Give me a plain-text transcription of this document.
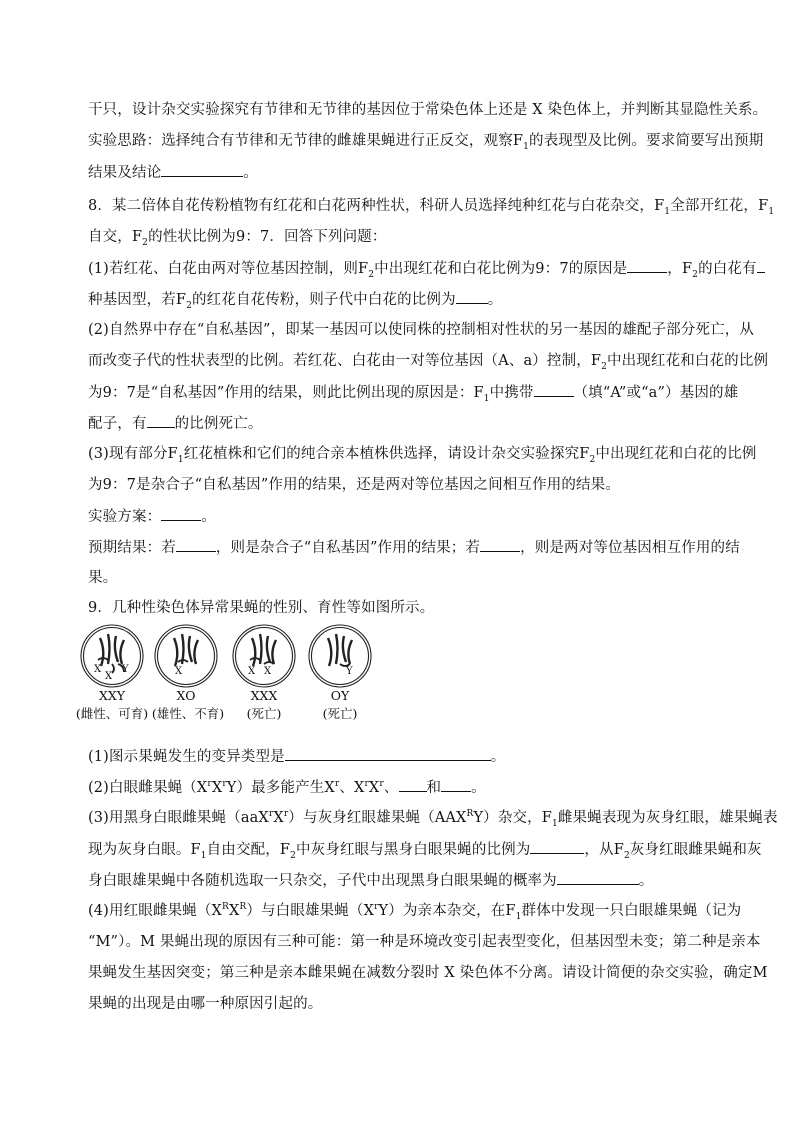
干只，设计杂交实验探究有节律和无节律的基因位于常染色体上还是 X 染色体上，并判断其显隐性关系。
实验思路：选择纯合有节律和无节律的雌雄果蝇进行正反交，观察$F_1$的表现型及比例。要求简要写出预期
结果及结论	。
8．某二倍体自花传粉植物有红花和白花两种性状，科研人员选择纯种红花与白花杂交，$F_1$全部开红花，$F_1$
自交，$F_2$的性状比例为9：7．回答下列问题：
(1)若红花、白花由两对等位基因控制，则$F_2$中出现红花和白花比例为9：7的原因是	，$F_2$的白花有
种基因型，若$F_2$的红花自花传粉，则子代中白花的比例为 。
(2)自然界中存在“自私基因”，即某一基因可以使同株的控制相对性状的另一基因的雄配子部分死亡，从
而改变子代的性状表型的比例。若红花、白花由一对等位基因（A、a）控制，$F_2$中出现红花和白花的比例
为9：7是“自私基因”作用的结果，则此比例出现的原因是：$F_1$中携带	（填“A”或“a”）基因的雄
配子，有 的比例死亡。
(3)现有部分$F_1$红花植株和它们的纯合亲本植株供选择，请设计杂交实验探究$F_2$中出现红花和白花的比例
为9：7是杂合子“自私基因”作用的结果，还是两对等位基因之间相互作用的结果。
实验方案：	。
预期结果：若	，则是杂合子“自私基因”作用的结果；若	，则是两对等位基因相互作用的结
果。
9．几种性染色体异常果蝇的性别、育性等如图所示。
X
X
Y	X	X X	Y
XXY
(雌性、可育)
XO
(雄性、不育)
XXX
(死亡)
OY
(死亡)
(1)图示果蝇发生的变异类型是	。
(2)白眼雌果蝇$(X^rX^rY)$最多能产生$X^r$、$X^rX^r$、 和 。
(3)用黑身白眼雌果蝇$(aaX^rX^r)$与灰身红眼雄果蝇$(AAX^RY)$杂交，$F_1$雌果蝇表现为灰身红眼，雄果蝇表
现为灰身白眼。$F_1$自由交配，$F_2$中灰身红眼与黑身白眼果蝇的比例为	，从$F_2$灰身红眼雌果蝇和灰
身白眼雄果蝇中各随机选取一只杂交，子代中出现黑身白眼果蝇的概率为	。
(4)用红眼雌果蝇$(X^RX^R)$与白眼雄果蝇$(X^rY)$为亲本杂交，在$F_1$群体中发现一只白眼雄果蝇（记为
“M”）。M 果蝇出现的原因有三种可能：第一种是环境改变引起表型变化，但基因型未变；第二种是亲本
果蝇发生基因突变；第三种是亲本雌果蝇在减数分裂时 X 染色体不分离。请设计简便的杂交实验，确定M
果蝇的出现是由哪一种原因引起的。
